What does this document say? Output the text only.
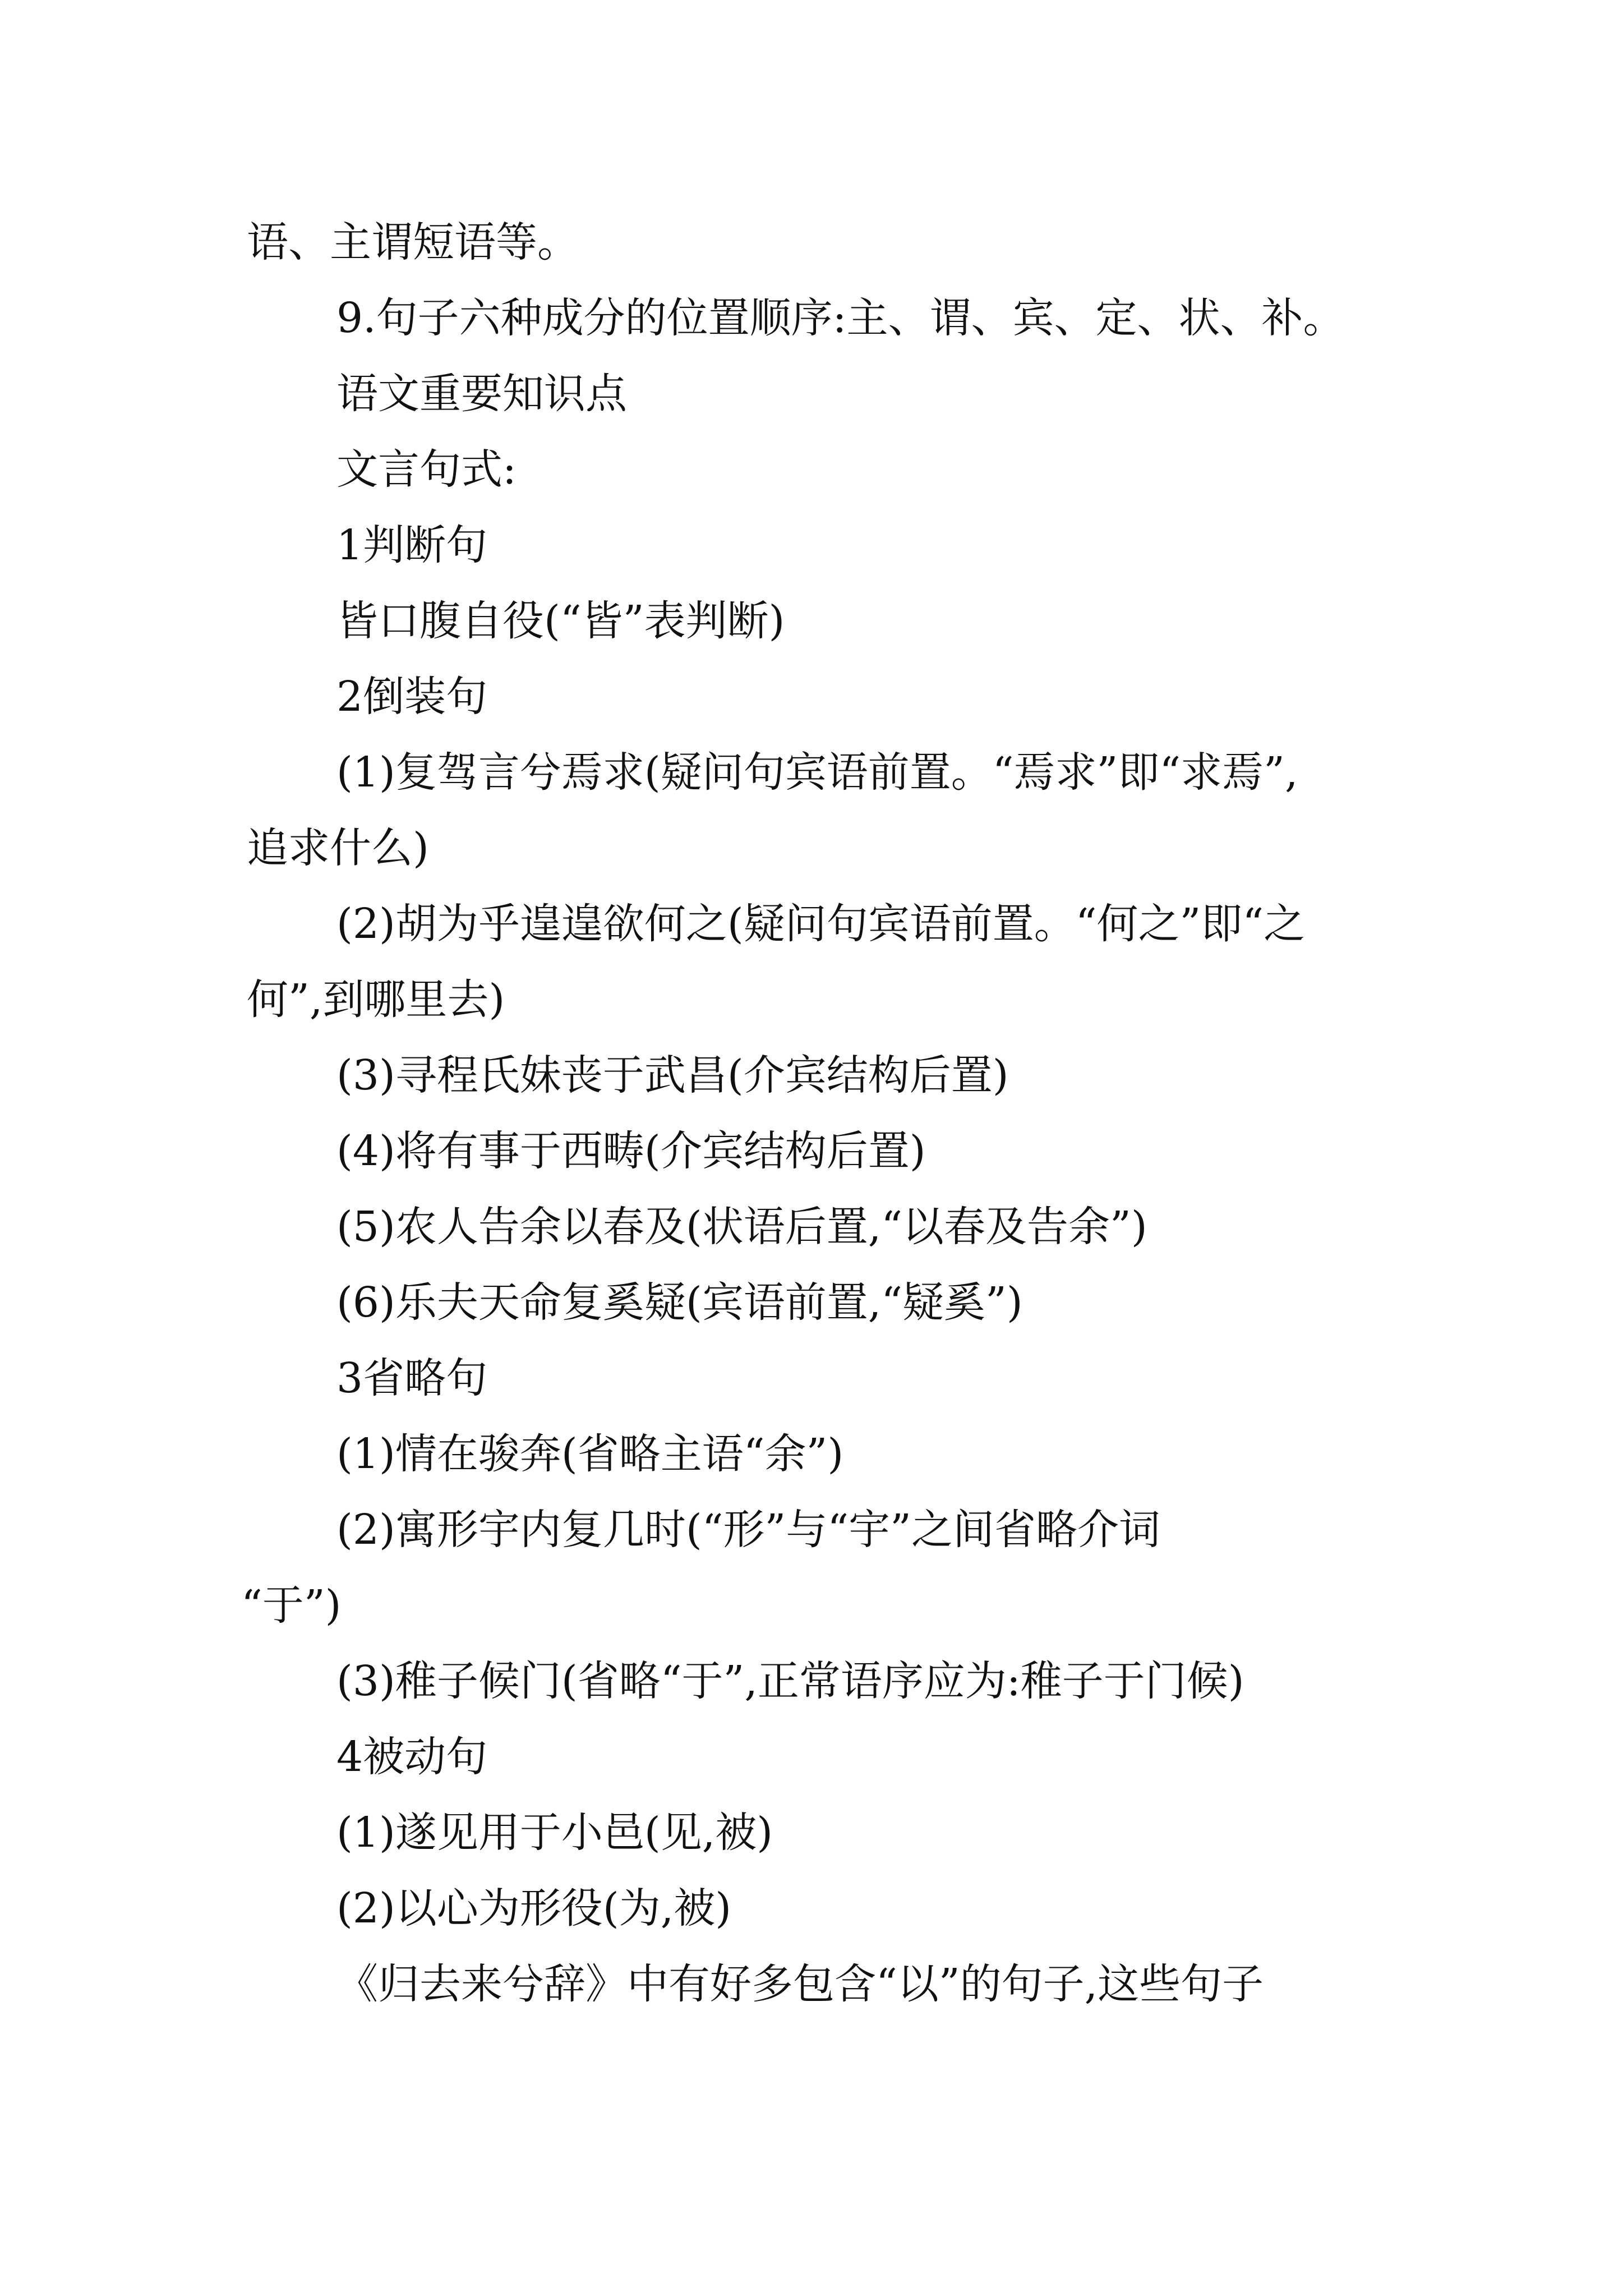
语、主谓短语等。
9.句子六种成分的位置顺序:主、谓、宾、定、状、补。
语文重要知识点
文言句式:
1判断句
皆口腹自役(“皆”表判断)
2倒装句
(1)复驾言兮焉求(疑问句宾语前置。“焉求”即“求焉”,
追求什么)
(2)胡为乎遑遑欲何之(疑问句宾语前置。“何之”即“之
何”,到哪里去)
(3)寻程氏妹丧于武昌(介宾结构后置)
(4)将有事于西畴(介宾结构后置)
(5)农人告余以春及(状语后置,“以春及告余”)
(6)乐夫天命复奚疑(宾语前置,“疑奚”)
3省略句
(1)情在骏奔(省略主语“余”)
(2)寓形宇内复几时(“形”与“宇”之间省略介词
“于”)
(3)稚子候门(省略“于”,正常语序应为:稚子于门候)
4被动句
(1)遂见用于小邑(见,被)
(2)以心为形役(为,被)
《归去来兮辞》中有好多包含“以”的句子,这些句子
